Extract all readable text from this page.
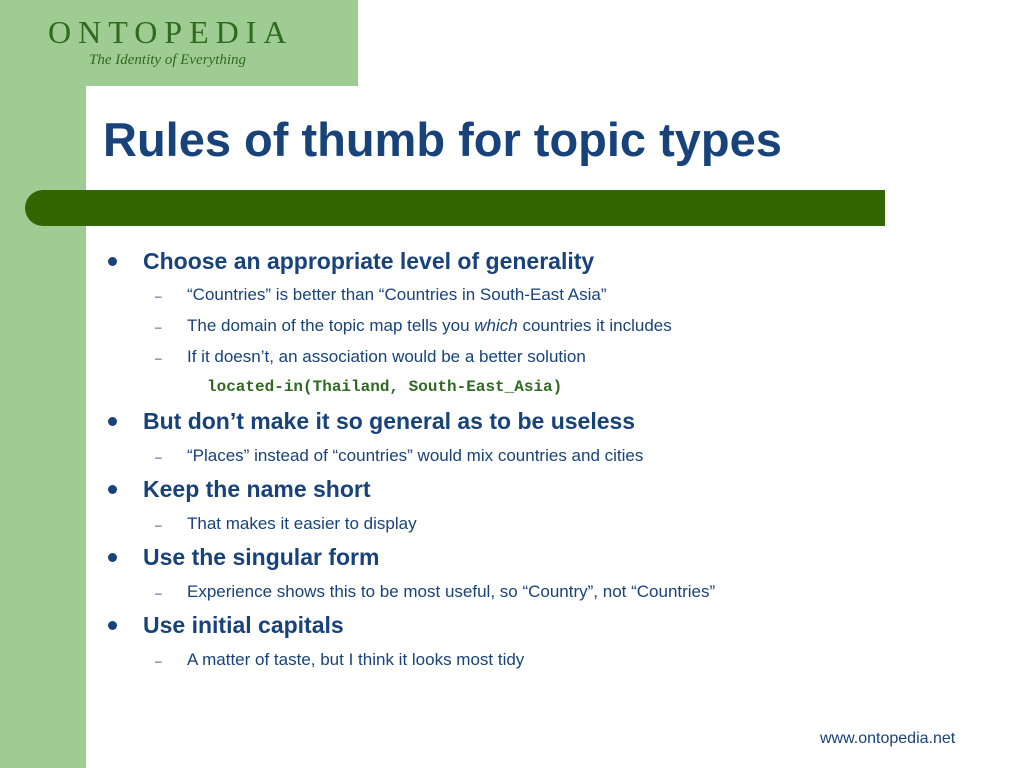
ONTOPEDIA
The Identity of Everything
Rules of thumb for topic types
Choose an appropriate level of generality
– “Countries” is better than “Countries in South-East Asia”
– The domain of the topic map tells you which countries it includes
– If it doesn’t, an association would be a better solution
located-in(Thailand, South-East_Asia)
But don’t make it so general as to be useless
– “Places” instead of “countries” would mix countries and cities
Keep the name short
– That makes it easier to display
Use the singular form
– Experience shows this to be most useful, so “Country”, not “Countries”
Use initial capitals
– A matter of taste, but I think it looks most tidy
www.ontopedia.net
